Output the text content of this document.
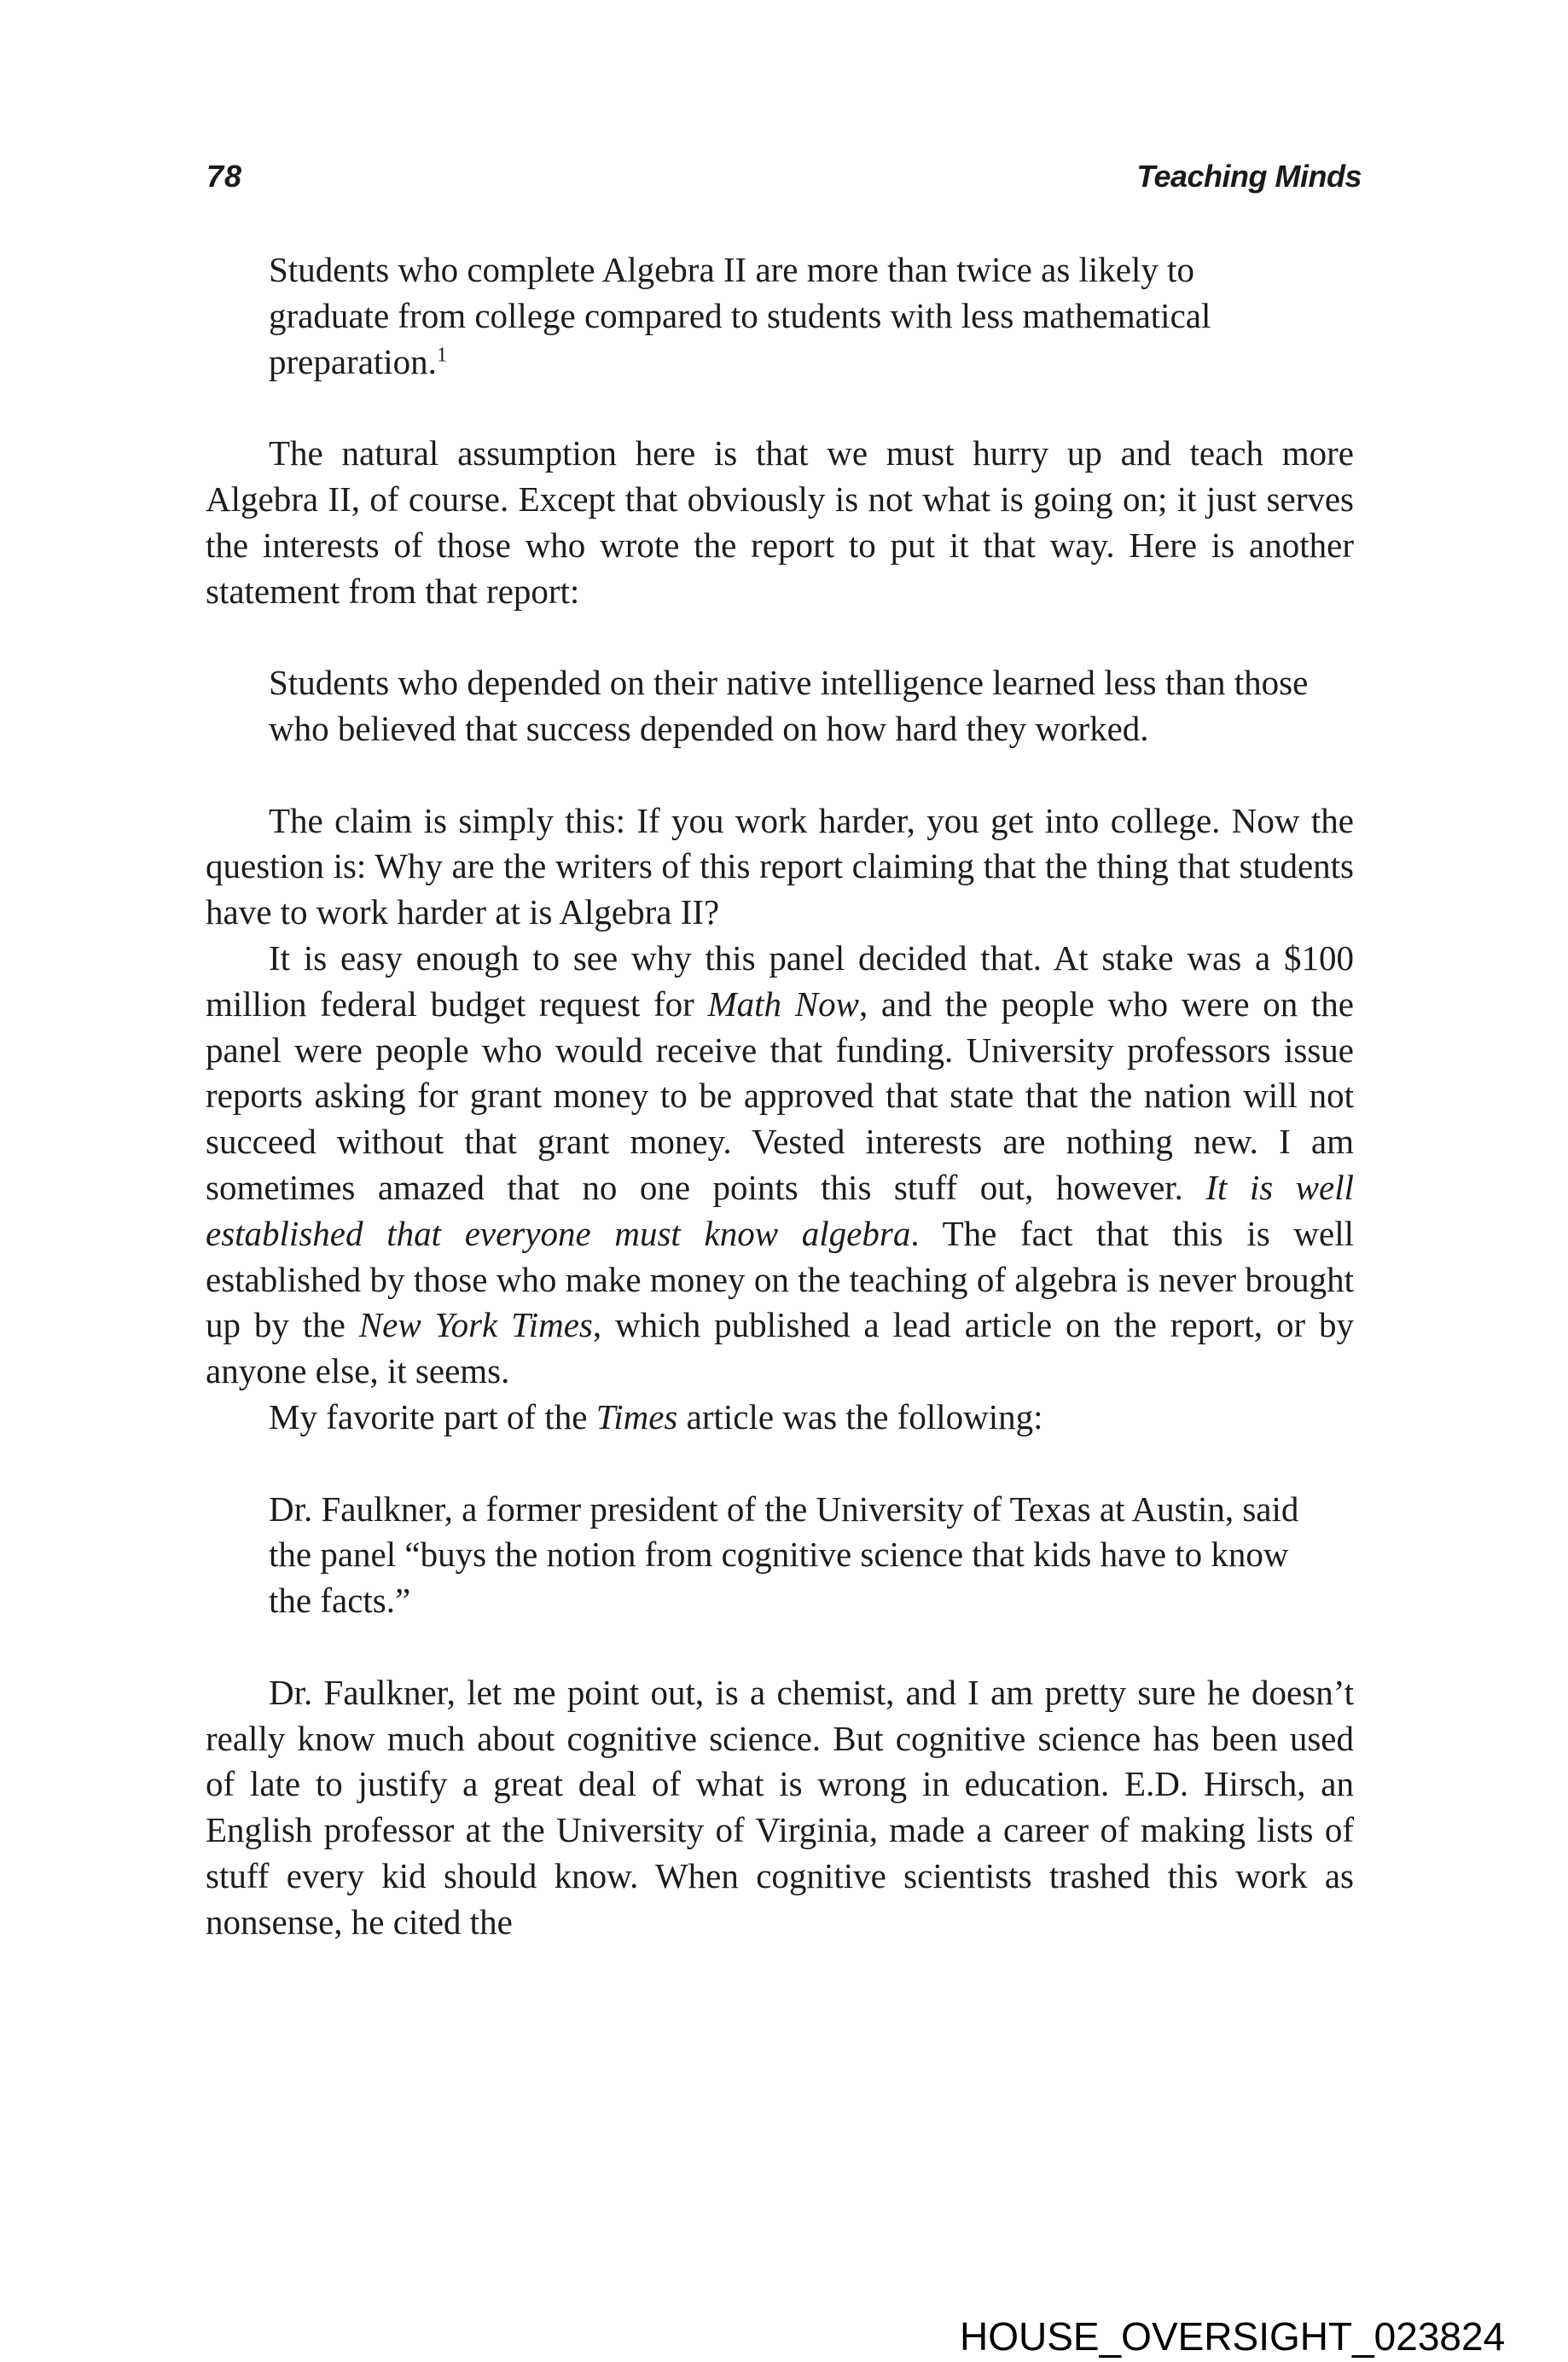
78	Teaching Minds

Students who complete Algebra II are more than twice as likely to graduate from college compared to students with less mathematical preparation.$^1$

The natural assumption here is that we must hurry up and teach more Algebra II, of course. Except that obviously is not what is going on; it just serves the interests of those who wrote the report to put it that way. Here is another statement from that report:

Students who depended on their native intelligence learned less than those who believed that success depended on how hard they worked.

The claim is simply this: If you work harder, you get into college. Now the question is: Why are the writers of this report claiming that the thing that students have to work harder at is Algebra II?

It is easy enough to see why this panel decided that. At stake was a $100 million federal budget request for Math Now, and the people who were on the panel were people who would receive that funding. University professors issue reports asking for grant money to be approved that state that the nation will not succeed without that grant money. Vested interests are nothing new. I am sometimes amazed that no one points this stuff out, however. It is well established that everyone must know algebra. The fact that this is well established by those who make money on the teaching of algebra is never brought up by the New York Times, which published a lead article on the report, or by anyone else, it seems.

My favorite part of the Times article was the following:

Dr. Faulkner, a former president of the University of Texas at Austin, said the panel “buys the notion from cognitive science that kids have to know the facts.”

Dr. Faulkner, let me point out, is a chemist, and I am pretty sure he doesn’t really know much about cognitive science. But cognitive science has been used of late to justify a great deal of what is wrong in education. E.D. Hirsch, an English professor at the University of Virginia, made a career of making lists of stuff every kid should know. When cognitive scientists trashed this work as nonsense, he cited the

HOUSE_OVERSIGHT_023824
